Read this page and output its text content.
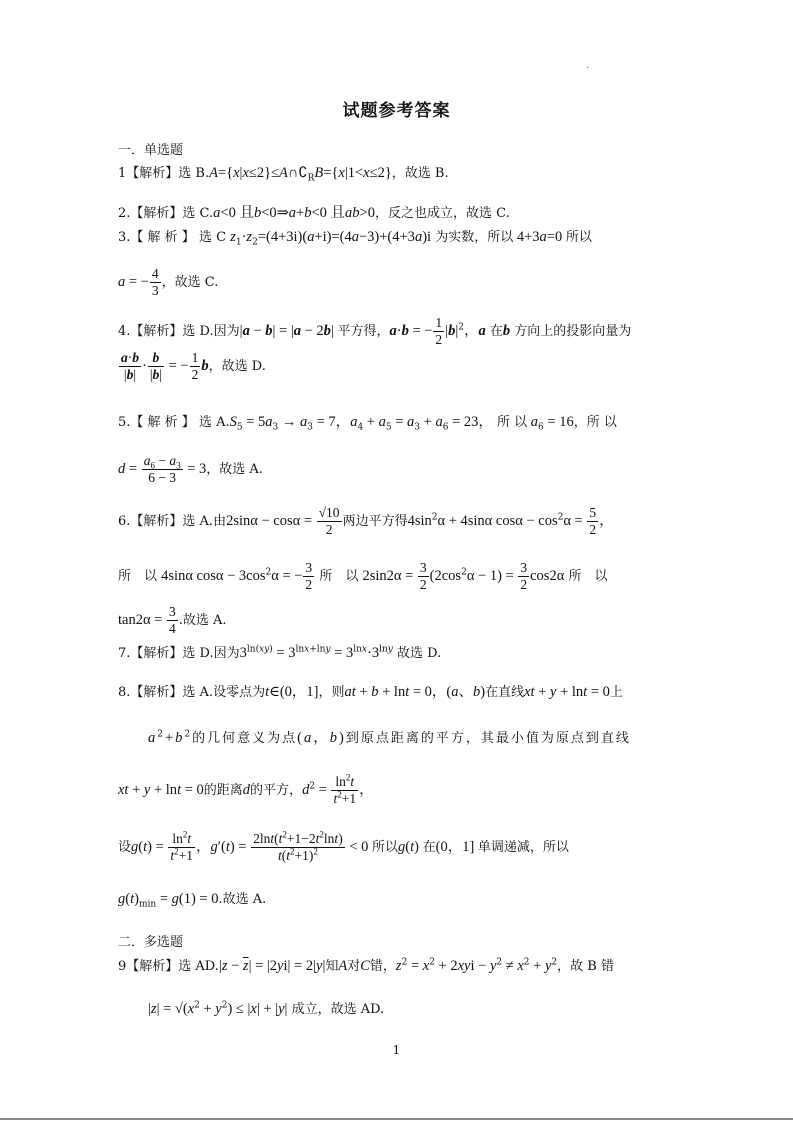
.
试题参考答案
一．单选题
1【解析】选 $B.A=\{x|x\le 2\}\le A\cap∁_RB=\{x|1<x\le 2\}$，故选 B.
2.【解析】选 C.a<0 且b<0⇒a+b<0 且ab>0，反之也成立，故选 C.
3.【 解 析 】 选 C $z_1\cdot z_2=(4+3i)(a+i)=(4a-3)+(4+3a)i$ 为实数，所以 4+3a=0 所以
a = − $\frac{4}{3}$ ，故选 C.
4.【解析】选 D.因为|a − b| = |a − 2b| 平方得，a·b = − $\frac{1}{2} |b|^2$，a 在b 方向上的投影向量为
$\frac{a\cdot b}{|b|} \cdot \frac{b}{|b|}$ = − $\frac{1}{2}$ b，故选 D.
5.【 解 析 】 选 $A.S_5 = 5a_3 \to a_3 = 7$，$a_4 + a_5 = a_3 + a_6 = 23$， 所 以 $a_6 = 16$，所 以
$d = \frac{a_6 - a_3}{6 - 3} = 3$，故选 A.
6.【解析】选 A.由$2\sin\alpha - \cos\alpha = \frac{√10}{2}$ 两边平方得$4\sin^2\alpha + 4\sin\alpha$ $\cos\alpha - \cos^2\alpha = \frac{5}{2}$ ，
所　以 4sinα $\cos\alpha - 3\cos^2\alpha$ = − $\frac{3}{2}$ 所　以 $2\sin 2\alpha = \frac{3}{2} (2\cos^2\alpha - 1) = \frac{3}{2} \cos 2\alpha$ 所　以
$\tan 2\alpha = \frac{3}{4}$ .故选 A.
7.【解析】选 D.因为$3^{ln(xy)} = 3^{lnx+lny} = 3^{lnx}\cdot 3^{lny}$ 故选 D.
8.【解析】选 A.设零点为t∈(0，1]，则at + b + lnt = 0，(a、b)在直线xt + y + lnt = 0上
$a^2+b^2$的几何意义为点(a，b)到原点距离的平方，其最小值为原点到直线
xt + y + lnt = 0的距离d的平方，$d^2 = \frac{\ln^2t}{t^2+1}$ ，
设$g(t) = \frac{\ln^2t}{t^2+1}$ ，$g'(t) = \frac{2\ln t(t^2+1-2t^2\ln t)}{t(t^2+1)^2} < 0$ 所以g(t) 在(0，1] 单调递减，所以
$g(t)_{min} = g(1) = 0$.故选 A.
二．多选题
9【解析】选 $AD.|z - \overline{z}| = |2yi| = 2|y|$知A对C错，$z^2 = x^2 + 2xyi - y^2 \ne x^2 + y^2$，故 B 错
$|z| = √(x^2 + y^2) \le |x| + |y|$ 成立，故选 AD.
1
